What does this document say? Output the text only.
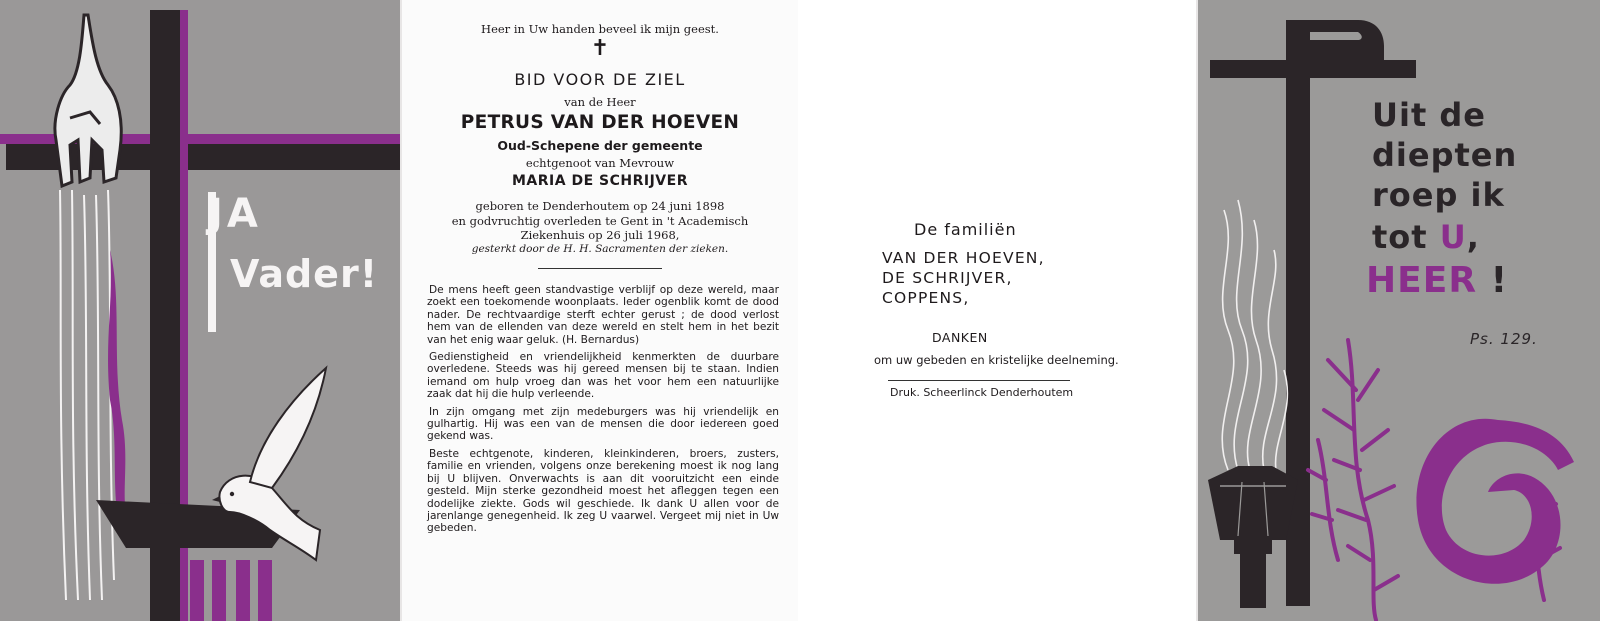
JA
Vader!

Heer in Uw handen beveel ik mijn geest.

✝

BID VOOR DE ZIEL

van de Heer

PETRUS VAN DER HOEVEN

Oud-Schepene der gemeente

echtgenoot van Mevrouw

MARIA DE SCHRIJVER

geboren te Denderhoutem op 24 juni 1898

en godvruchtig overleden te Gent in 't Academisch

Ziekenhuis op 26 juli 1968,

gesterkt door de H. H. Sacramenten der zieken.

De mens heeft geen standvastige verblijf op deze wereld, maar zoekt een toekomende woonplaats. Ieder ogenblik komt de dood nader. De rechtvaardige sterft echter gerust ; de dood verlost hem van de ellenden van deze wereld en stelt hem in het bezit van het enig waar geluk. (H. Bernardus)

Gedienstigheid en vriendelijkheid kenmerkten de duurbare overledene. Steeds was hij gereed mensen bij te staan. Indien iemand om hulp vroeg dan was het voor hem een natuurlijke zaak dat hij die hulp verleende.

In zijn omgang met zijn medeburgers was hij vriendelijk en gulhartig. Hij was een van de mensen die door iedereen goed gekend was.

Beste echtgenote, kinderen, kleinkinderen, broers, zusters, familie en vrienden, volgens onze berekening moest ik nog lang bij U blijven. Onverwachts is aan dit vooruitzicht een einde gesteld. Mijn sterke gezondheid moest het afleggen tegen een dodelijke ziekte. Gods wil geschiede. Ik dank U allen voor de jarenlange genegenheid. Ik zeg U vaarwel. Vergeet mij niet in Uw gebeden.

De familiën

VAN DER HOEVEN,

DE SCHRIJVER,

COPPENS,

DANKEN

om uw gebeden en kristelijke deelneming.

Druk. Scheerlinck Denderhoutem

Uit de
diepten
roep ik
tot U,
HEER !
Ps. 129.
